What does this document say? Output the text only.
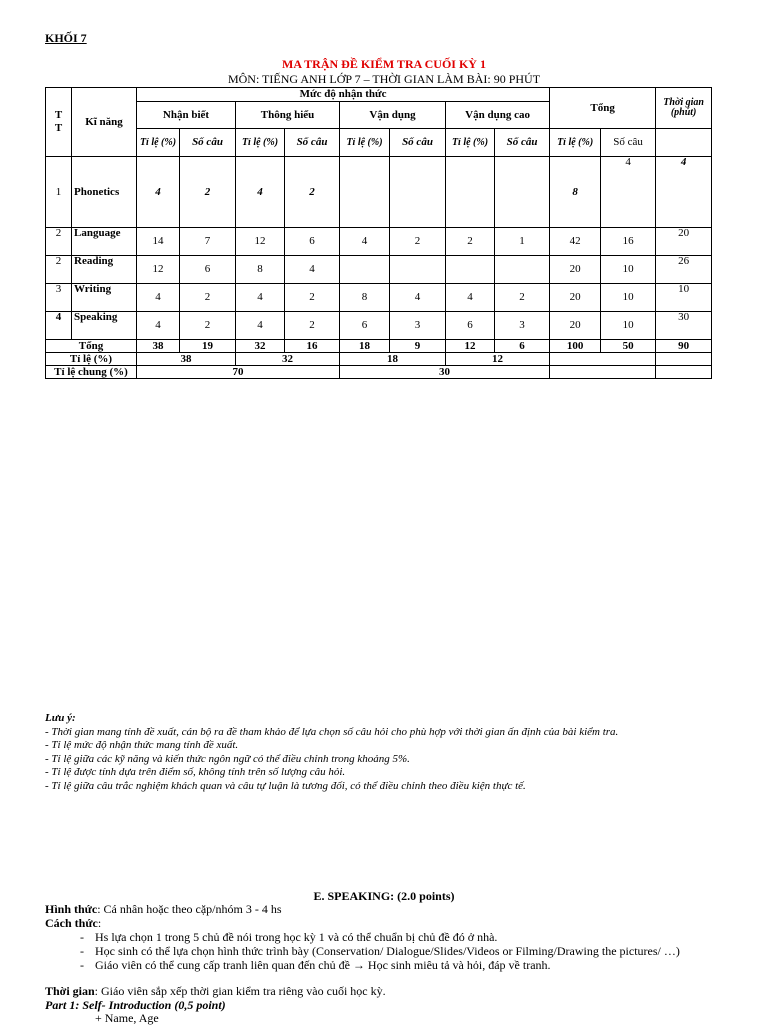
KHỐI 7
MA TRẬN ĐỀ KIỂM TRA CUỐI KỲ 1
MÔN: TIẾNG ANH LỚP 7 – THỜI GIAN LÀM BÀI: 90 PHÚT
T T	Kĩ năng	Mức độ nhận thức								Tổng		Thời gian (phút)
		Nhận biết		Thông hiểu		Vận dụng		Vận dụng cao				
		Tỉ lệ (%)	Số câu	Tỉ lệ (%)	Số câu	Tỉ lệ (%)	Số câu	Tỉ lệ (%)	Số câu	Tỉ lệ (%)	Số câu	
1	Phonetics	4	2	4	2					8	4	4
2	Language	14	7	12	6	4	2	2	1	42	16	20
2	Reading	12	6	8	4					20	10	26
3	Writing	4	2	4	2	8	4	4	2	20	10	10
4	Speaking	4	2	4	2	6	3	6	3	20	10	30
Tổng		38	19	32	16	18	9	12	6	100	50	90
Tỉ lệ (%)		38		32		18		12				
Tỉ lệ chung (%)		70				30						
Lưu ý:
- Thời gian mang tính đề xuất, cán bộ ra đề tham khảo để lựa chọn số câu hỏi cho phù hợp với thời gian ấn định của bài kiểm tra.
- Tỉ lệ mức độ nhận thức mang tính đề xuất.
- Tỉ lệ giữa các kỹ năng và kiến thức ngôn ngữ có thể điều chỉnh trong khoảng 5%.
- Tỉ lệ được tính dựa trên điểm số, không tính trên số lượng câu hỏi.
- Tỉ lệ giữa câu trắc nghiệm khách quan và câu tự luận là tương đối, có thể điều chỉnh theo điều kiện thực tế.
E. SPEAKING: (2.0 points)
Hình thức: Cá nhân hoặc theo cặp/nhóm 3 - 4 hs
Cách thức:
- Hs lựa chọn 1 trong 5 chủ đề nói trong học kỳ 1 và có thể chuẩn bị chủ đề đó ở nhà.
- Học sinh có thể lựa chọn hình thức trình bày (Conservation/ Dialogue/Slides/Videos or Filming/Drawing the pictures/ …)
- Giáo viên có thể cung cấp tranh liên quan đến chủ đề → Học sinh miêu tả và hỏi, đáp về tranh.
Thời gian: Giáo viên sắp xếp thời gian kiểm tra riêng vào cuối học kỳ.
Part 1: Self- Introduction (0,5 point)
+ Name, Age
